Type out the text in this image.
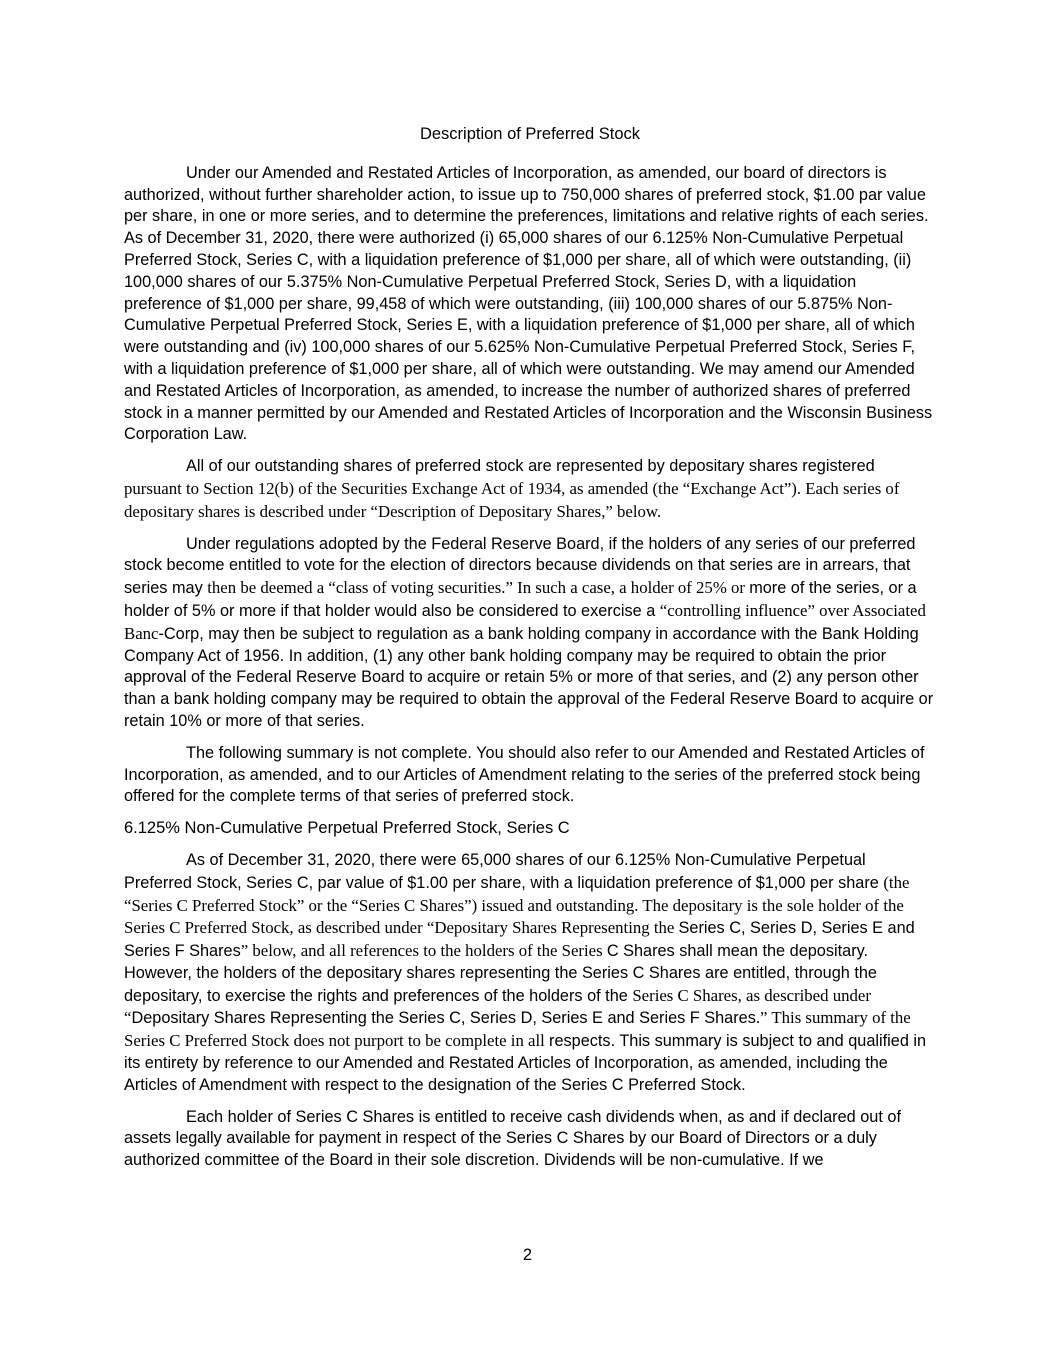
Description of Preferred Stock

Under our Amended and Restated Articles of Incorporation, as amended, our board of directors is authorized, without further shareholder action, to issue up to 750,000 shares of preferred stock, $1.00 par value per share, in one or more series, and to determine the preferences, limitations and relative rights of each series. As of December 31, 2020, there were authorized (i) 65,000 shares of our 6.125% Non-Cumulative Perpetual Preferred Stock, Series C, with a liquidation preference of $1,000 per share, all of which were outstanding, (ii) 100,000 shares of our 5.375% Non-Cumulative Perpetual Preferred Stock, Series D, with a liquidation preference of $1,000 per share, 99,458 of which were outstanding, (iii) 100,000 shares of our 5.875% Non-Cumulative Perpetual Preferred Stock, Series E, with a liquidation preference of $1,000 per share, all of which were outstanding and (iv) 100,000 shares of our 5.625% Non-Cumulative Perpetual Preferred Stock, Series F, with a liquidation preference of $1,000 per share, all of which were outstanding. We may amend our Amended and Restated Articles of Incorporation, as amended, to increase the number of authorized shares of preferred stock in a manner permitted by our Amended and Restated Articles of Incorporation and the Wisconsin Business Corporation Law.

All of our outstanding shares of preferred stock are represented by depositary shares registered pursuant to Section 12(b) of the Securities Exchange Act of 1934, as amended (the “Exchange Act”). Each series of depositary shares is described under “Description of Depositary Shares,” below.

Under regulations adopted by the Federal Reserve Board, if the holders of any series of our preferred stock become entitled to vote for the election of directors because dividends on that series are in arrears, that series may then be deemed a “class of voting securities.” In such a case, a holder of 25% or more of the series, or a holder of 5% or more if that holder would also be considered to exercise a “controlling influence” over Associated Banc-Corp, may then be subject to regulation as a bank holding company in accordance with the Bank Holding Company Act of 1956. In addition, (1) any other bank holding company may be required to obtain the prior approval of the Federal Reserve Board to acquire or retain 5% or more of that series, and (2) any person other than a bank holding company may be required to obtain the approval of the Federal Reserve Board to acquire or retain 10% or more of that series.

The following summary is not complete. You should also refer to our Amended and Restated Articles of Incorporation, as amended, and to our Articles of Amendment relating to the series of the preferred stock being offered for the complete terms of that series of preferred stock.

6.125% Non-Cumulative Perpetual Preferred Stock, Series C

As of December 31, 2020, there were 65,000 shares of our 6.125% Non-Cumulative Perpetual Preferred Stock, Series C, par value of $1.00 per share, with a liquidation preference of $1,000 per share (the “Series C Preferred Stock” or the “Series C Shares”) issued and outstanding. The depositary is the sole holder of the Series C Preferred Stock, as described under “Depositary Shares Representing the Series C, Series D, Series E and Series F Shares” below, and all references to the holders of the Series C Shares shall mean the depositary. However, the holders of the depositary shares representing the Series C Shares are entitled, through the depositary, to exercise the rights and preferences of the holders of the Series C Shares, as described under “Depositary Shares Representing the Series C, Series D, Series E and Series F Shares.” This summary of the Series C Preferred Stock does not purport to be complete in all respects. This summary is subject to and qualified in its entirety by reference to our Amended and Restated Articles of Incorporation, as amended, including the Articles of Amendment with respect to the designation of the Series C Preferred Stock.

Each holder of Series C Shares is entitled to receive cash dividends when, as and if declared out of assets legally available for payment in respect of the Series C Shares by our Board of Directors or a duly authorized committee of the Board in their sole discretion. Dividends will be non-cumulative. If we

2
